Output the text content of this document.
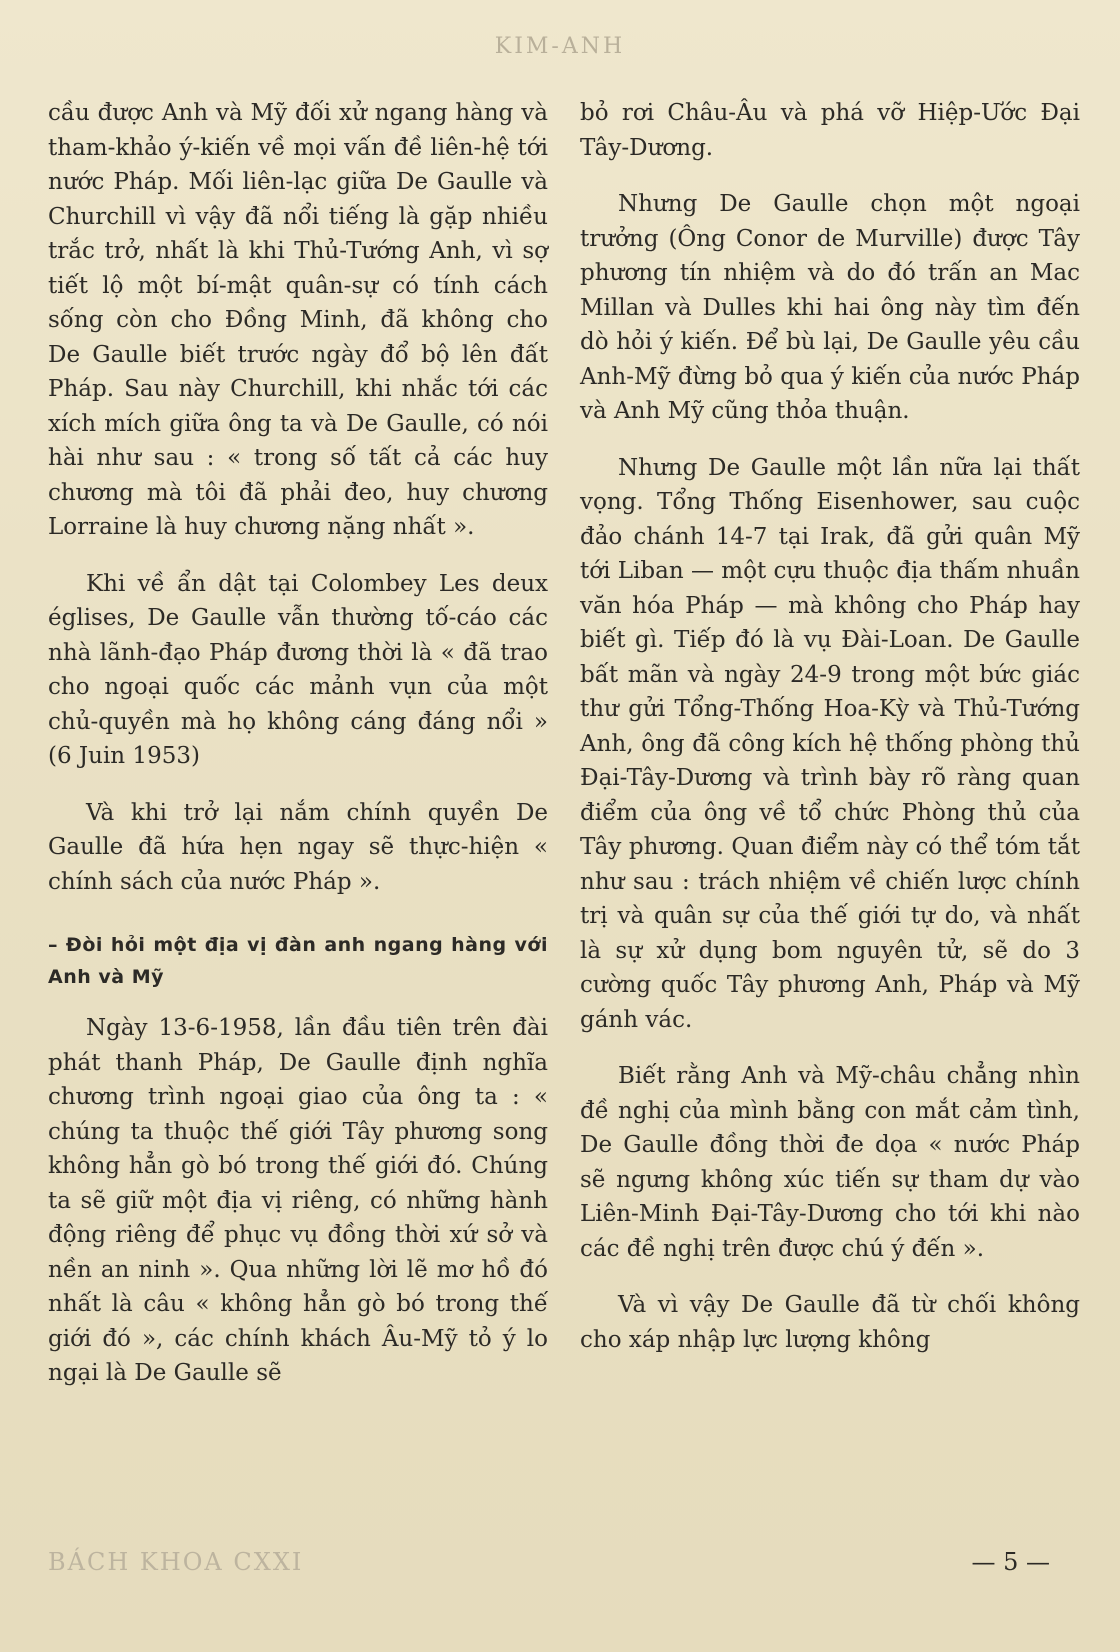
KIM-ANH

cầu được Anh và Mỹ đối xử ngang hàng và tham-khảo ý-kiến về mọi vấn đề liên-hệ tới nước Pháp. Mối liên-lạc giữa De Gaulle và Churchill vì vậy đã nổi tiếng là gặp nhiều trắc trở, nhất là khi Thủ-Tướng Anh, vì sợ tiết lộ một bí-mật quân-sự có tính cách sống còn cho Đồng Minh, đã không cho De Gaulle biết trước ngày đổ bộ lên đất Pháp. Sau này Churchill, khi nhắc tới các xích mích giữa ông ta và De Gaulle, có nói hài như sau : « trong số tất cả các huy chương mà tôi đã phải đeo, huy chương Lorraine là huy chương nặng nhất ».

Khi về ẩn dật tại Colombey Les deux églises, De Gaulle vẫn thường tố-cáo các nhà lãnh-đạo Pháp đương thời là « đã trao cho ngoại quốc các mảnh vụn của một chủ-quyền mà họ không cáng đáng nổi » (6 Juin 1953)

Và khi trở lại nắm chính quyền De Gaulle đã hứa hẹn ngay sẽ thực-hiện « chính sách của nước Pháp ».

– Đòi hỏi một địa vị đàn anh ngang hàng với Anh và Mỹ

Ngày 13-6-1958, lần đầu tiên trên đài phát thanh Pháp, De Gaulle định nghĩa chương trình ngoại giao của ông ta : « chúng ta thuộc thế giới Tây phương song không hẳn gò bó trong thế giới đó. Chúng ta sẽ giữ một địa vị riêng, có những hành động riêng để phục vụ đồng thời xứ sở và nền an ninh ». Qua những lời lẽ mơ hồ đó nhất là câu « không hẳn gò bó trong thế giới đó », các chính khách Âu-Mỹ tỏ ý lo ngại là De Gaulle sẽ

bỏ rơi Châu-Âu và phá vỡ Hiệp-Ước Đại Tây-Dương.

Nhưng De Gaulle chọn một ngoại trưởng (Ông Conor de Murville) được Tây phương tín nhiệm và do đó trấn an Mac Millan và Dulles khi hai ông này tìm đến dò hỏi ý kiến. Để bù lại, De Gaulle yêu cầu Anh-Mỹ đừng bỏ qua ý kiến của nước Pháp và Anh Mỹ cũng thỏa thuận.

Nhưng De Gaulle một lần nữa lại thất vọng. Tổng Thống Eisenhower, sau cuộc đảo chánh 14-7 tại Irak, đã gửi quân Mỹ tới Liban — một cựu thuộc địa thấm nhuần văn hóa Pháp — mà không cho Pháp hay biết gì. Tiếp đó là vụ Đài-Loan. De Gaulle bất mãn và ngày 24-9 trong một bức giác thư gửi Tổng-Thống Hoa-Kỳ và Thủ-Tướng Anh, ông đã công kích hệ thống phòng thủ Đại-Tây-Dương và trình bày rõ ràng quan điểm của ông về tổ chức Phòng thủ của Tây phương. Quan điểm này có thể tóm tắt như sau : trách nhiệm về chiến lược chính trị và quân sự của thế giới tự do, và nhất là sự xử dụng bom nguyên tử, sẽ do 3 cường quốc Tây phương Anh, Pháp và Mỹ gánh vác.

Biết rằng Anh và Mỹ-châu chẳng nhìn đề nghị của mình bằng con mắt cảm tình, De Gaulle đồng thời đe dọa « nước Pháp sẽ ngưng không xúc tiến sự tham dự vào Liên-Minh Đại-Tây-Dương cho tới khi nào các đề nghị trên được chú ý đến ».

Và vì vậy De Gaulle đã từ chối không cho xáp nhập lực lượng không

BÁCH KHOA CXXI	— 5 —
